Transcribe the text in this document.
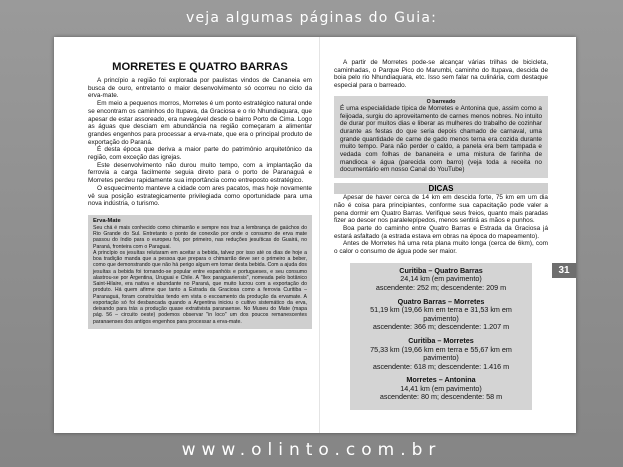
veja algumas páginas do Guia:
MORRETES E QUATRO BARRAS

A princípio a região foi explorada por paulistas vindos de Cananeia em busca de ouro, entretanto o maior desenvolvimento só ocorreu no ciclo da erva-mate.

Em meio a pequenos morros, Morretes é um ponto estratégico natural onde se encontram os caminhos do Itupava, da Graciosa e o rio Nhundiaquara, que apesar de estar assoreado, era navegável desde o bairro Porto de Cima. Logo as águas que desciam em abundância na região começaram a alimentar grandes engenhos para processar a erva-mate, que era o principal produto de exportação do Paraná.

É desta época que deriva a maior parte do patrimônio arquitetônico da região, com exceção das igrejas.

Este desenvolvimento não durou muito tempo, com a implantação da ferrovia a carga facilmente seguia direto para o porto de Paranaguá e Morretes perdeu rapidamente sua importância como entreposto estratégico.

O esquecimento manteve a cidade com ares pacatos, mas hoje novamente vê sua posição estrategicamente privilegiada como oportunidade para uma nova indústria, o turismo.

Erva-Mate

Seu chá é mais conhecido como chimarrão e sempre nos traz a lembrança de gaúchos do Rio Grande do Sul. Entretanto o ponto de conexão por onde o consumo de erva mate passou do índio para o europeu foi, por primeiro, nas reduções jesuíticas do Guairá, no Paraná, fronteira com o Paraguai.

A princípio os jesuítas relutaram em aceitar a bebida, talvez por isso até os dias de hoje a boa tradição manda que a pessoa que prepara o chimarrão deve ser o primeiro a beber, como que demonstrando que não há perigo algum em tomar desta bebida. Com a ajuda dos jesuítas a bebida foi tornando-se popular entre espanhóis e portugueses, e seu consumo alastrou-se por Argentina, Uruguai e Chile. A "Ilex paraguariensis", nomeada pelo botânico Saint-Hilaire, era nativa e abundante no Paraná, que muito lucrou com a exportação do produto. Há quem afirme que tanto a Estrada da Graciosa como a ferrovia Curitiba – Paranaguá, foram construídas tendo em vista o escoamento da produção da ervamate. A exportação só foi desbancada quando a Argentina iniciou o cultivo sistemático da erva, deixando para trás a produção quase extrativista paranaense. No Museu do Mate (mapa pág. 56 – circuito oeste) podemos observar "in loco" um dos poucos remanescentes paranaenses dos antigos engenhos para processar a erva-mate.

A partir de Morretes pode-se alcançar várias trilhas de bicicleta, caminhadas, o Parque Pico do Marumbi, caminho do Itupava, descida de boia pelo rio Nhundiaquara, etc. Isso sem falar na culinária, com destaque especial para o barreado.

O barreado

É uma especialidade típica de Morretes e Antonina que, assim como a feijoada, surgiu do aproveitamento de carnes menos nobres. No intuito de durar por muitos dias e liberar as mulheres do trabalho de cozinhar durante as festas do que seria depois chamado de carnaval, uma grande quantidade de carne de gado menos terna era cozida durante muito tempo. Para não perder o caldo, a panela era bem tampada e vedada com folhas de bananeira e uma mistura de farinha de mandioca e água (parecida com barro) (veja toda a receita no documentário em nosso Canal do YouTube)

DICAS

Apesar de haver cerca de 14 km em descida forte, 75 km em um dia não é coisa para principiantes, conforme sua capacitação pode valer a pena dormir em Quatro Barras. Verifique seus freios, quanto mais paradas fizer ao descer nos paralelepípedos, menos sentirá as mãos e punhos.

Boa parte do caminho entre Quatro Barras e Estrada da Graciosa já estará asfaltado (a estrada estava em obras na época do mapeamento).

Antes de Morretes há uma reta plana muito longa (cerca de 6km), com o calor o consumo de água pode ser maior.

Curitiba – Quatro Barras
24,14 km (em pavimento)
ascendente: 252 m; descendente: 209 m
Quatro Barras – Morretes
51,19 km (19,66 km em terra e 31,53 km em pavimento)
ascendente: 366 m; descendente: 1.207 m
Curitiba – Morretes
75,33 km (19,66 km em terra e 55,67 km em pavimento)
ascendente: 618 m; descendente: 1.416 m
Morretes – Antonina
14,41 km (em pavimento)
ascendente: 80 m; descendente: 58 m
31
www.olinto.com.br
